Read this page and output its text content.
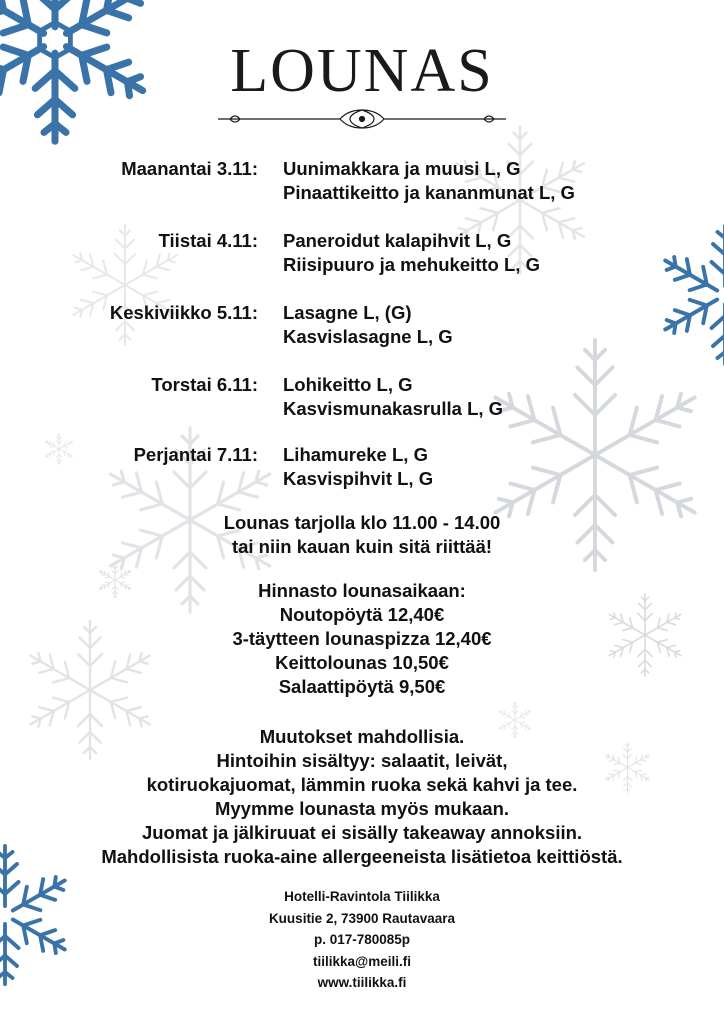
LOUNAS
Maanantai 3.11: Uunimakkara ja muusi L, G
Pinaattikeitto ja kananmunat L, G
Tiistai 4.11: Paneroidut kalapihvit L, G
Riisipuuro ja mehukeitto L, G
Keskiviikko 5.11: Lasagne L, (G)
Kasvislasagne L, G
Torstai 6.11: Lohikeitto L, G
Kasvismunakasrulla L, G
Perjantai 7.11: Lihamureke L, G
Kasvispihvit L, G
Lounas tarjolla klo 11.00 - 14.00
tai niin kauan kuin sitä riittää!
Hinnasto lounasaikaan:
Noutopöytä 12,40€
3-täytteen lounaspizza 12,40€
Keittolounas 10,50€
Salaattipöytä 9,50€
Muutokset mahdollisia.
Hintoihin sisältyy: salaatit, leivät,
kotiruokajuomat, lämmin ruoka sekä kahvi ja tee.
Myymme lounasta myös mukaan.
Juomat ja jälkiruuat ei sisälly takeaway annoksiin.
Mahdollisista ruoka-aine allergeeneista lisätietoa keittiöstä.
Hotelli-Ravintola Tiilikka
Kuusitie 2, 73900 Rautavaara
p. 017-780085p
tiilikka@meili.fi
www.tiilikka.fi
